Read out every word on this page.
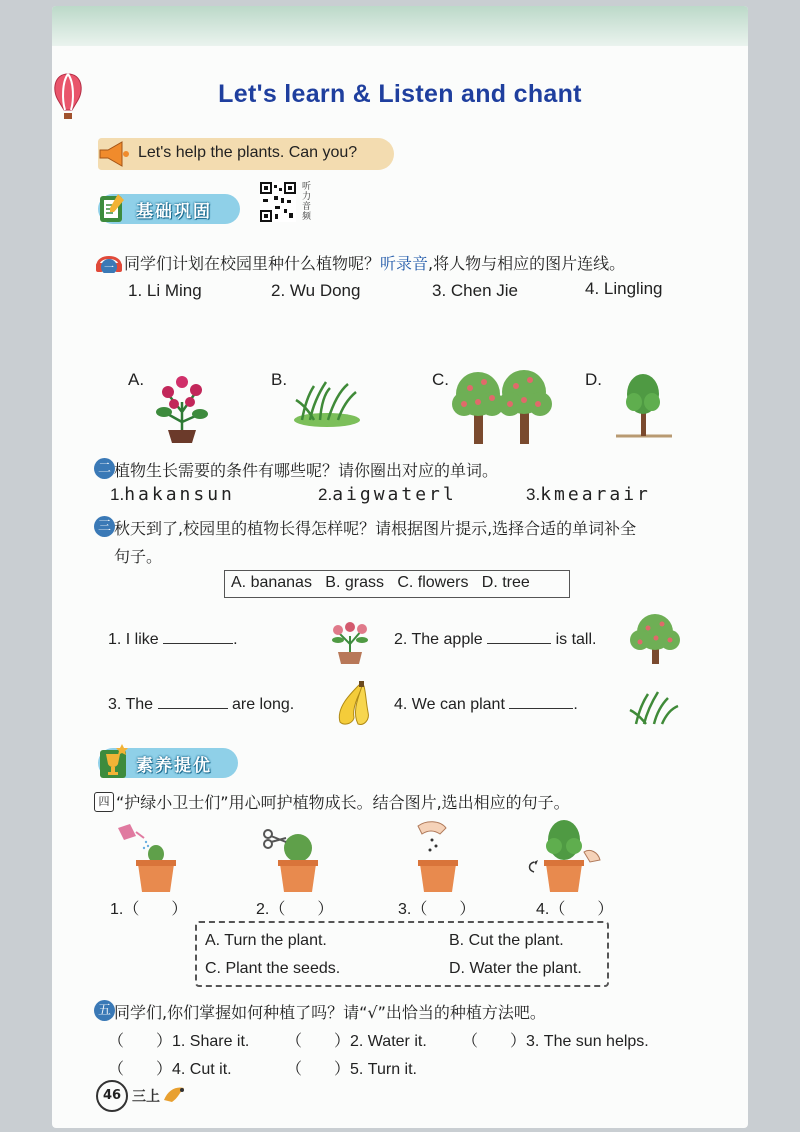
Let's learn & Listen and chant
Let's help the plants. Can you?
基础巩固
听力音频
一 同学们计划在校园里种什么植物呢？听录音,将人物与相应的图片连线。
1. Li Ming	2. Wu Dong	3. Chen Jie	4. Lingling
A.	B.	C.	D.
二 植物生长需要的条件有哪些呢？请你圈出对应的单词。
1.hakansun	2.aigwaterl	3.kmearair
三 秋天到了,校园里的植物长得怎样呢？请根据图片提示,选择合适的单词补全
句子。
A. bananas   B. grass   C. flowers   D. tree
1. I like	.	2. The apple	is tall.
3. The	are long.	4. We can plant	.
素养提优
四 “护绿小卫士们”用心呵护植物成长。结合图片,选出相应的句子。
1.（　　）	2.（　　）	3.（　　）	4.（　　）
A. Turn the plant.	B. Cut the plant.
C. Plant the seeds.	D. Water the plant.
五 同学们,你们掌握如何种植了吗？请“√”出恰当的种植方法吧。
（　　）1. Share it. （　　）2. Water it. （　　）3. The sun helps.
（　　）4. Cut it.	（　　）5. Turn it.
46 三上
